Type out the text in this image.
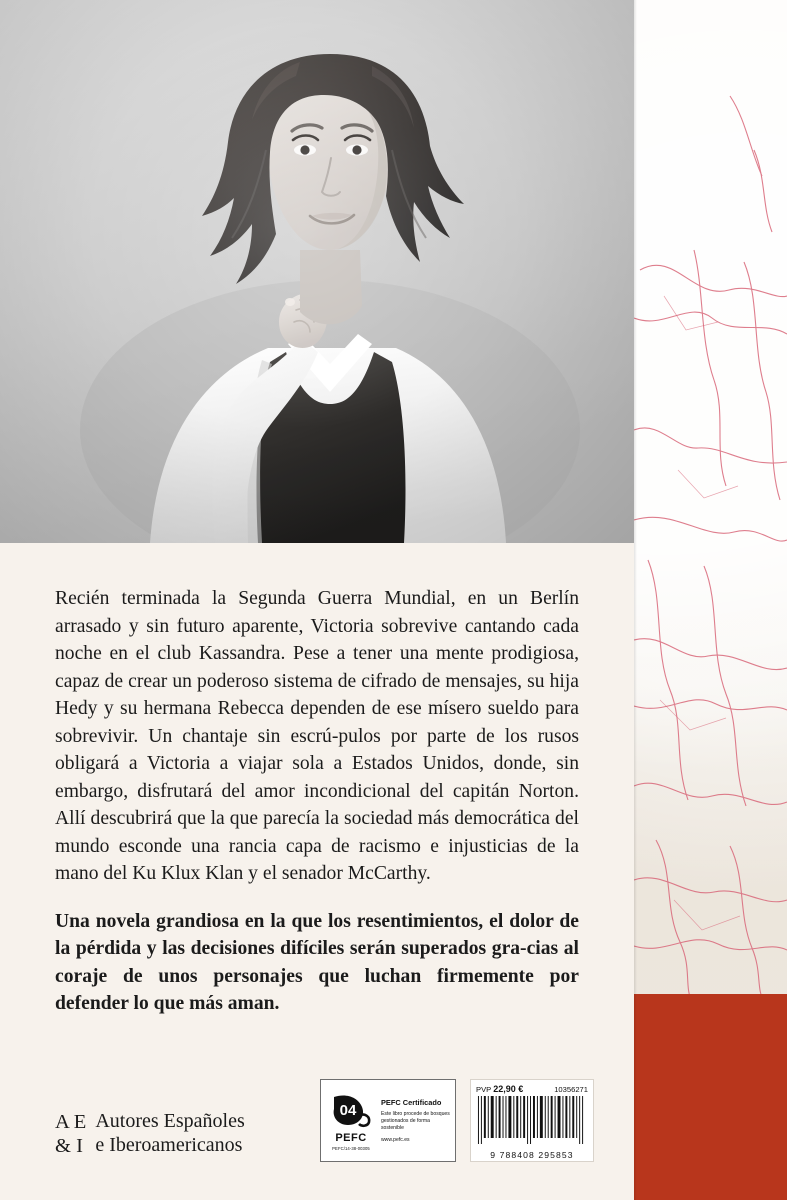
Recién terminada la Segunda Guerra Mundial, en un Berlín arrasado y sin futuro aparente, Victoria sobrevive cantando cada noche en el club Kassandra. Pese a tener una mente prodigiosa, capaz de crear un poderoso sistema de cifrado de mensajes, su hija Hedy y su hermana Rebecca dependen de ese mísero sueldo para sobrevivir. Un chantaje sin escrú-pulos por parte de los rusos obligará a Victoria a viajar sola a Estados Unidos, donde, sin embargo, disfrutará del amor incondicional del capitán Norton. Allí descubrirá que la que parecía la sociedad más democrática del mundo esconde una rancia capa de racismo e injusticias de la mano del Ku Klux Klan y el senador McCarthy.

Una novela grandiosa en la que los resentimientos, el dolor de la pérdida y las decisiones difíciles serán superados gra-cias al coraje de unos personajes que luchan firmemente por defender lo que más aman.

A E
& I
Autores Españoles
e Iberoamericanos
04
PEFC
PEFC/14-38-00305
PEFC Certificado
Este libro procede de bosques gestionados de forma sostenible
www.pefc.es
PVP 22,90 €	10356271
9 788408 295853
